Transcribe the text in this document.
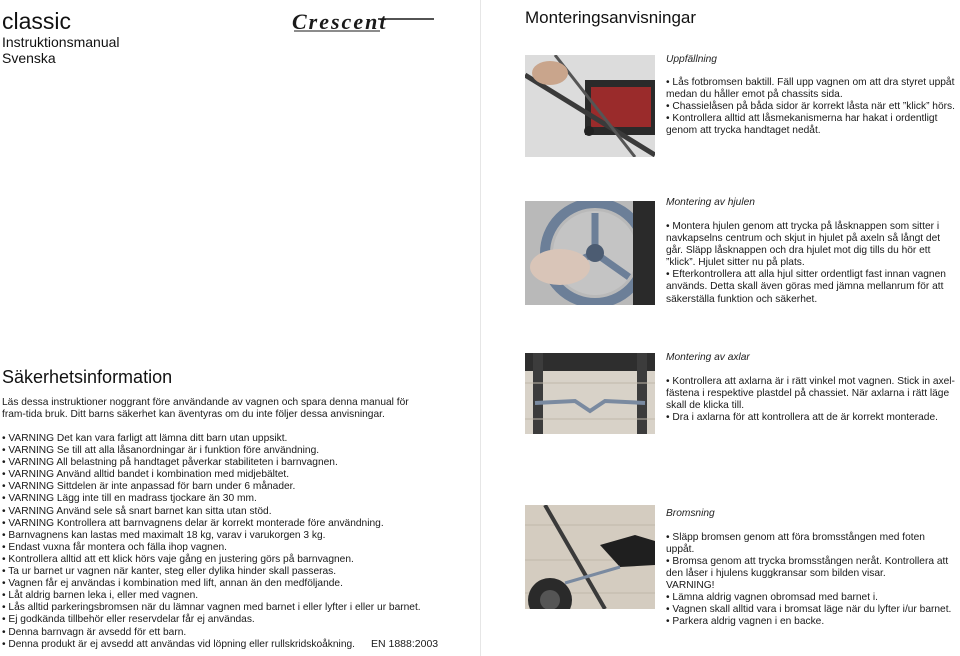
classic
Instruktionsmanual
Svenska
Crescent
Säkerhetsinformation
Läs dessa instruktioner noggrant före användande av vagnen och spara denna manual för fram-tida bruk. Ditt barns säkerhet kan äventyras om du inte följer dessa anvisningar.
• VARNING Det kan vara farligt att lämna ditt barn utan uppsikt.
• VARNING Se till att alla låsanordningar är i funktion före användning.
• VARNING All belastning på handtaget påverkar stabiliteten i barnvagnen.
• VARNING Använd alltid bandet i kombination med midjebältet.
• VARNING Sittdelen är inte anpassad för barn under 6 månader.
• VARNING Lägg inte till en madrass tjockare än 30 mm.
• VARNING Använd sele så snart barnet kan sitta utan stöd.
• VARNING Kontrollera att barnvagnens delar är korrekt monterade före användning.
• Barnvagnens kan lastas med maximalt 18 kg, varav i varukorgen 3 kg.
• Endast vuxna får montera och fälla ihop vagnen.
• Kontrollera alltid att ett klick hörs vaje gång en justering görs på barnvagnen.
• Ta ur barnet ur vagnen när kanter, steg eller dylika hinder skall passeras.
• Vagnen får ej användas i kombination med lift, annan än den medföljande.
• Låt aldrig barnen leka i, eller med vagnen.
• Lås alltid parkeringsbromsen när du lämnar vagnen med barnet i eller lyfter i eller ur barnet.
• Ej godkända tillbehör eller reservdelar får ej användas.
• Denna barnvagn är avsedd för ett barn.
• Denna produkt är ej avsedd att användas vid löpning eller rullskridskoåkning.	EN 1888:2003
Monteringsanvisningar
Uppfällning
• Lås fotbromsen baktill. Fäll upp vagnen om att dra styret uppåt medan du håller emot på chassits sida.
• Chassielåsen på båda sidor är korrekt låsta när ett ”klick” hörs.
• Kontrollera alltid att låsmekanismerna har hakat i ordentligt genom att trycka handtaget nedåt.
Montering av hjulen
• Montera hjulen genom att trycka på låsknappen som sitter i navkapselns centrum och skjut in hjulet på axeln så långt det går. Släpp låsknappen och dra hjulet mot dig tills du hör ett ”klick”. Hjulet sitter nu på plats.
• Efterkontrollera att alla hjul sitter ordentligt fast innan vagnen används. Detta skall även göras med jämna mellanrum för att säkerställa funktion och säkerhet.
Montering av axlar
• Kontrollera att axlarna är i rätt vinkel mot vagnen. Stick in axel-fästena i respektive plastdel på chassiet. När axlarna i rätt läge skall de klicka till.
• Dra i axlarna för att kontrollera att de är korrekt monterade.
Bromsning
• Släpp bromsen genom att föra bromsstången med foten uppåt.
• Bromsa genom att trycka bromsstången neråt. Kontrollera att den låser i hjulens kuggkransar som bilden visar.
VARNING!
• Lämna aldrig vagnen obromsad med barnet i.
• Vagnen skall alltid vara i bromsat läge när du lyfter i/ur barnet.
• Parkera aldrig vagnen i en backe.
